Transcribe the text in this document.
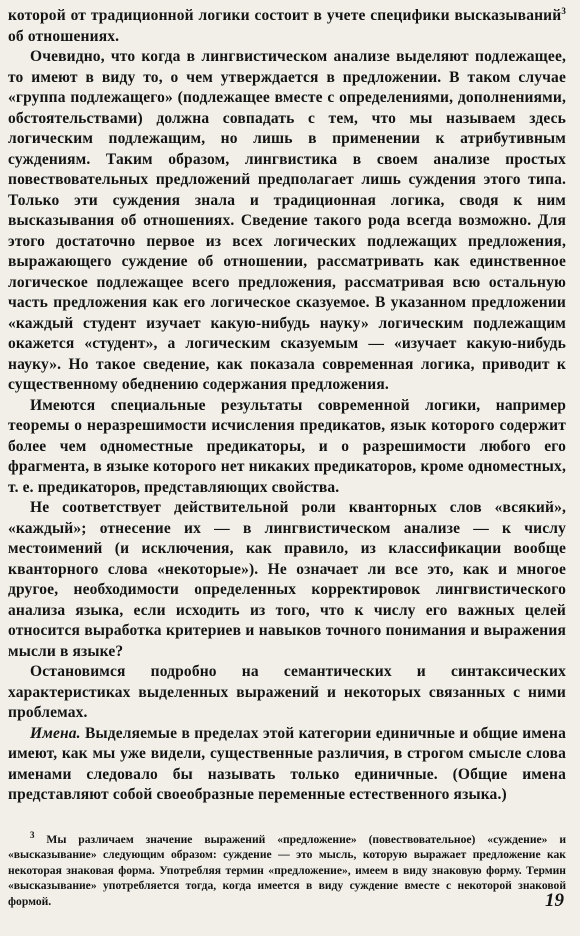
которой от традиционной логики состоит в учете специфики высказываний$^3$ об отношениях.

Очевидно, что когда в лингвистическом анализе выделяют подлежащее, то имеют в виду то, о чем утверждается в предложении. В таком случае «группа подлежащего» (подлежащее вместе с определениями, дополнениями, обстоятельствами) должна совпадать с тем, что мы называем здесь логическим подлежащим, но лишь в применении к атрибутивным суждениям. Таким образом, лингвистика в своем анализе простых повествовательных предложений предполагает лишь суждения этого типа. Только эти суждения знала и традиционная логика, сводя к ним высказывания об отношениях. Сведение такого рода всегда возможно. Для этого достаточно первое из всех логических подлежащих предложения, выражающего суждение об отношении, рассматривать как единственное логическое подлежащее всего предложения, рассматривая всю остальную часть предложения как его логическое сказуемое. В указанном предложении «каждый студент изучает какую-нибудь науку» логическим подлежащим окажется «студент», а логическим сказуемым — «изучает какую-нибудь науку». Но такое сведение, как показала современная логика, приводит к существенному обеднению содержания предложения.

Имеются специальные результаты современной логики, например теоремы о неразрешимости исчисления предикатов, язык которого содержит более чем одноместные предикаторы, и о разрешимости любого его фрагмента, в языке которого нет никаких предикаторов, кроме одноместных, т. е. предикаторов, представляющих свойства.

Не соответствует действительной роли кванторных слов «всякий», «каждый»; отнесение их — в лингвистическом анализе — к числу местоимений (и исключения, как правило, из классификации вообще кванторного слова «некоторые»). Не означает ли все это, как и многое другое, необходимости определенных корректировок лингвистического анализа языка, если исходить из того, что к числу его важных целей относится выработка критериев и навыков точного понимания и выражения мысли в языке?

Остановимся подробно на семантических и синтаксических характеристиках выделенных выражений и некоторых связанных с ними проблемах.

Имена. Выделяемые в пределах этой категории единичные и общие имена имеют, как мы уже видели, существенные различия, в строгом смысле слова именами следовало бы называть только единичные. (Общие имена представляют собой своеобразные переменные естественного языка.)

$^3$ Мы различаем значение выражений «предложение» (повествовательное) «суждение» и «высказывание» следующим образом: суждение — это мысль, которую выражает предложение как некоторая знаковая форма. Употребляя термин «предложение», имеем в виду знаковую форму. Термин «высказывание» употребляется тогда, когда имеется в виду суждение вместе с некоторой знаковой формой.	19
